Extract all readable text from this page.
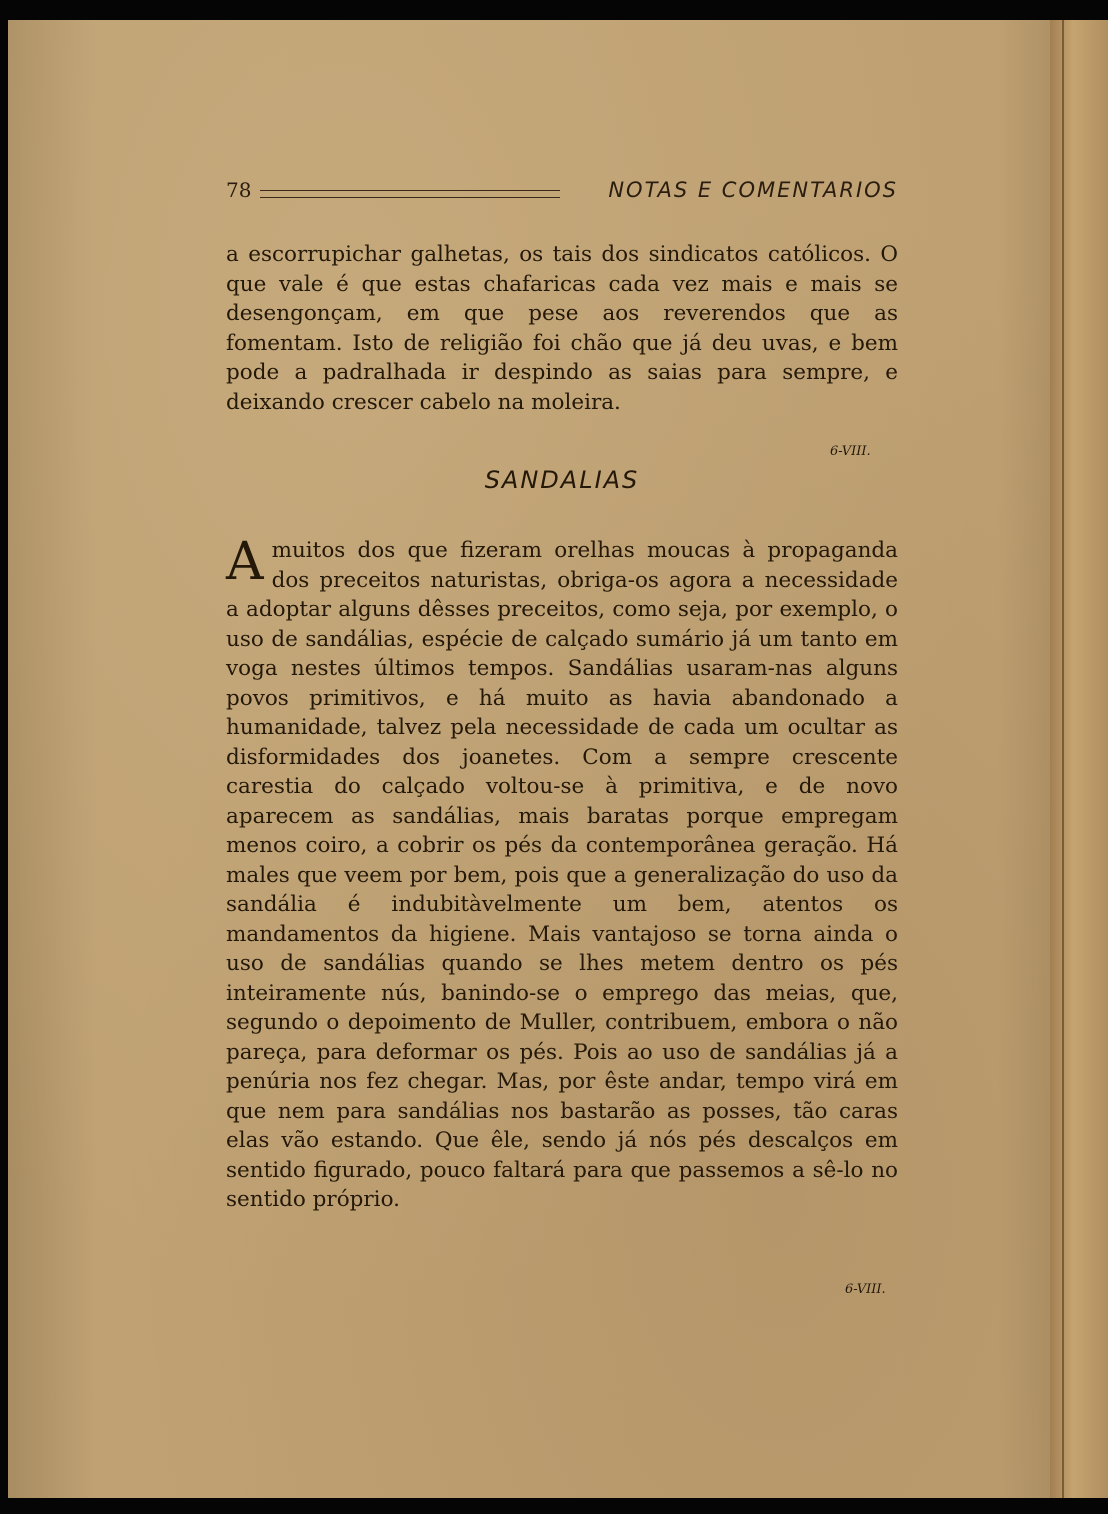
78	NOTAS E COMENTARIOS

a escorrupichar galhetas, os tais dos sindicatos católicos. O que vale é que estas chafaricas cada vez mais e mais se desengonçam, em que pese aos reverendos que as fomentam. Isto de religião foi chão que já deu uvas, e bem pode a padralhada ir despindo as saias para sempre, e deixando crescer cabelo na moleira.

6-VIII.
SANDALIAS
A muitos dos que fizeram orelhas moucas à propaganda dos preceitos naturistas, obriga-os agora a necessidade a adoptar alguns dêsses preceitos, como seja, por exemplo, o uso de sandálias, espécie de calçado sumário já um tanto em voga nestes últimos tempos. Sandálias usaram-nas alguns povos primitivos, e há muito as havia abandonado a humanidade, talvez pela necessidade de cada um ocultar as disformidades dos joanetes. Com a sempre crescente carestia do calçado voltou-se à primitiva, e de novo aparecem as sandálias, mais baratas porque empregam menos coiro, a cobrir os pés da contemporânea geração. Há males que veem por bem, pois que a generalização do uso da sandália é indubitàvelmente um bem, atentos os mandamentos da higiene. Mais vantajoso se torna ainda o uso de sandálias quando se lhes metem dentro os pés inteiramente nús, banindo-se o emprego das meias, que, segundo o depoimento de Muller, contribuem, embora o não pareça, para deformar os pés. Pois ao uso de sandálias já a penúria nos fez chegar. Mas, por êste andar, tempo virá em que nem para sandálias nos bastarão as posses, tão caras elas vão estando. Que êle, sendo já nós pés descalços em sentido figurado, pouco faltará para que passemos a sê-lo no sentido próprio.

6-VIII.
